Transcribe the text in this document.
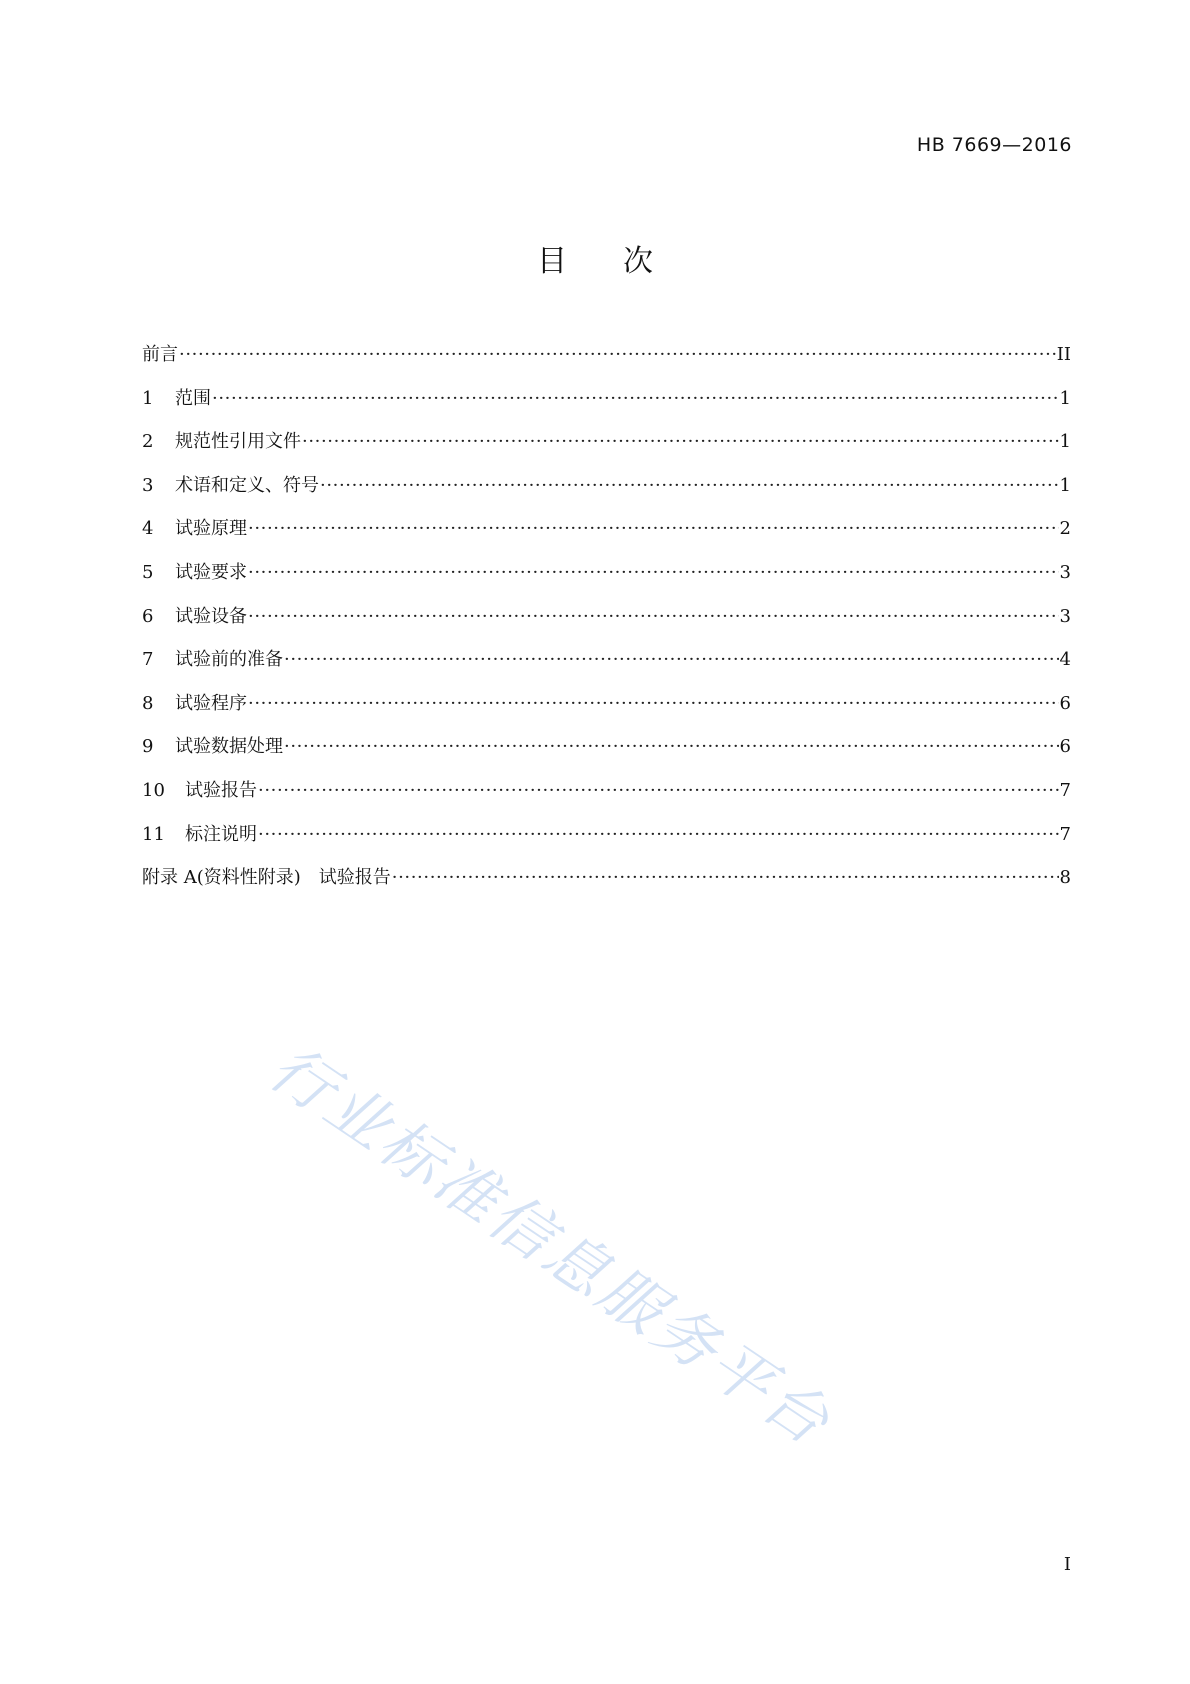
HB 7669—2016
目 次
前言 ·····	II
1	范围 ·····	1
2	规范性引用文件 ·····	1
3	术语和定义、符号 ·····	1
4	试验原理 ·····	2
5	试验要求 ·····	3
6	试验设备 ·····	3
7	试验前的准备 ·····	4
8	试验程序 ·····	6
9	试验数据处理 ·····	6
10	试验报告 ·····	7
11	标注说明 ·····	7
附录 A(资料性附录)　试验报告 ·····	8
行业标准信息服务平台
I
